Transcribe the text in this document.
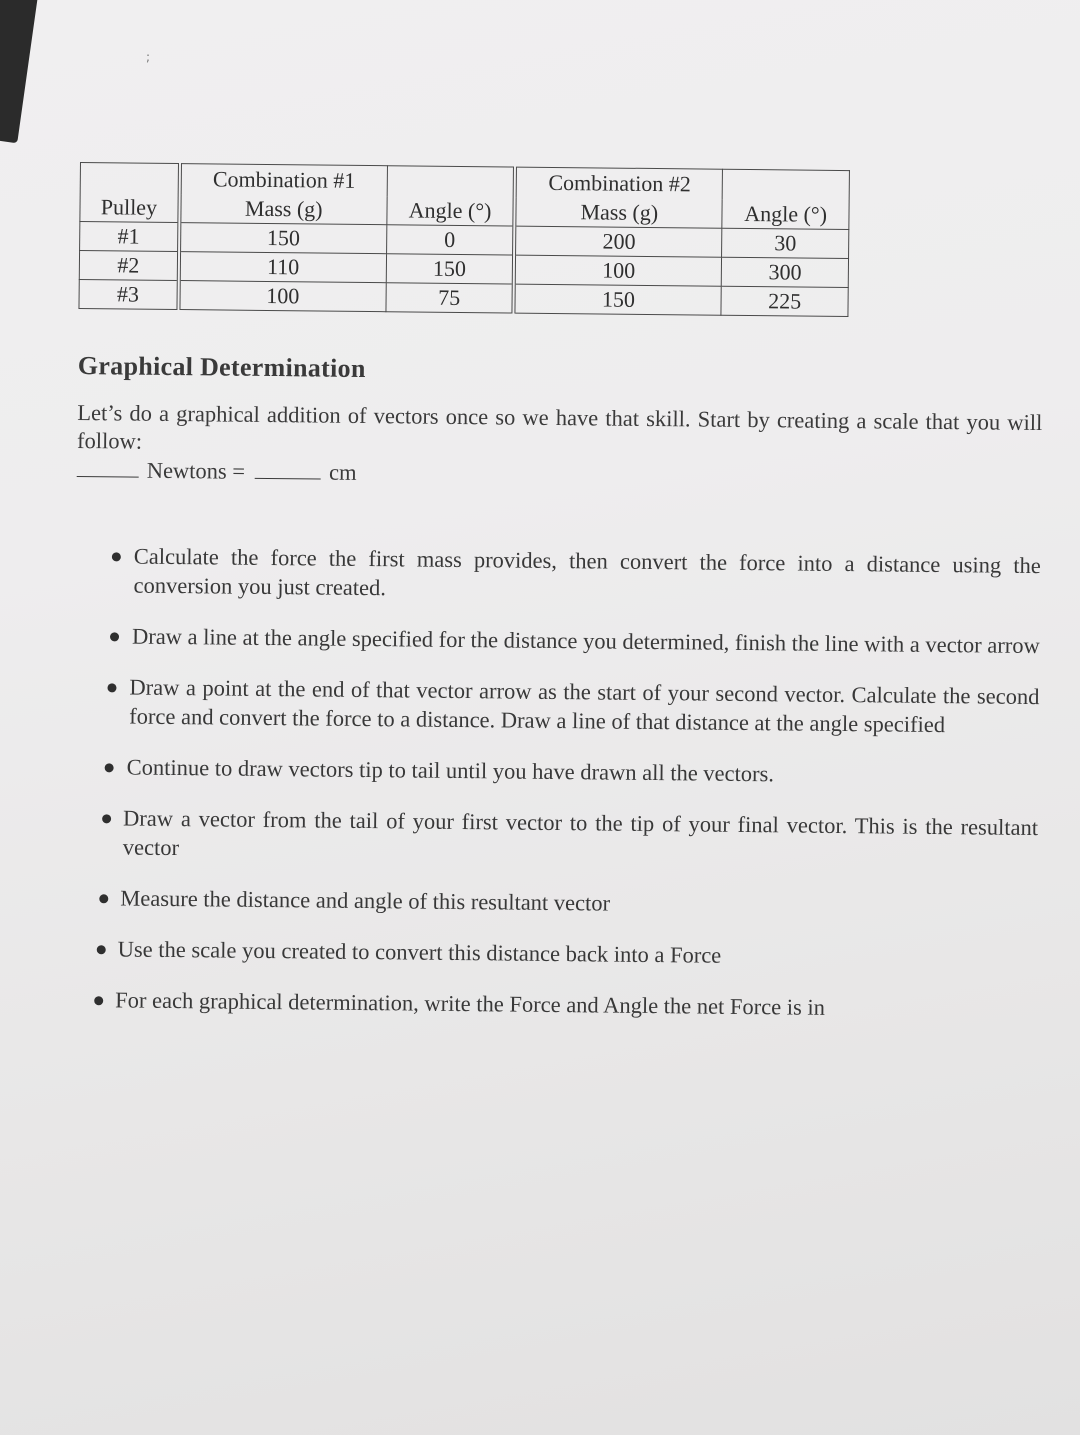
;
	Combination #1		Combination #2	
Pulley	Mass (g)	Angle (°)	Mass (g)	Angle (°)
#1	150	0	200	30
#2	110	150	100	300
#3	100	75	150	225
Graphical Determination

Let’s do a graphical addition of vectors once so we have that skill. Start by creating a scale that you will follow:

Newtons =	cm
Calculate the force the first mass provides, then convert the force into a distance using the conversion you just created.
Draw a line at the angle specified for the distance you determined, finish the line with a vector arrow
Draw a point at the end of that vector arrow as the start of your second vector. Calculate the second force and convert the force to a distance. Draw a line of that distance at the angle specified
Continue to draw vectors tip to tail until you have drawn all the vectors.
Draw a vector from the tail of your first vector to the tip of your final vector. This is the resultant vector
Measure the distance and angle of this resultant vector
Use the scale you created to convert this distance back into a Force
For each graphical determination, write the Force and Angle the net Force is in
